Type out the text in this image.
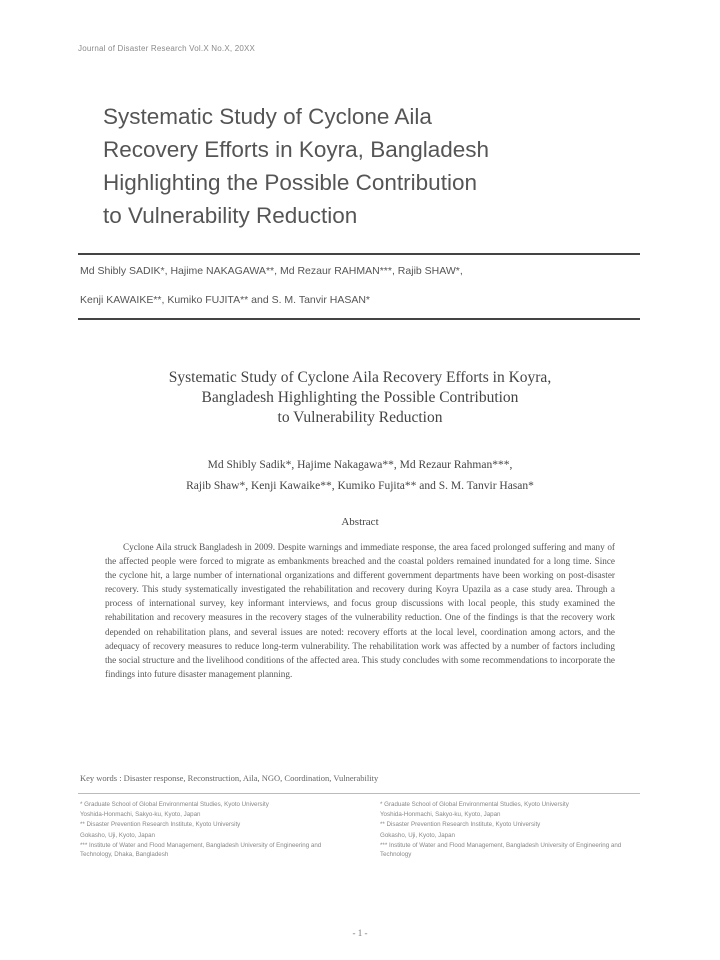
Journal of Disaster Research Vol.X No.X, 20XX
Systematic Study of Cyclone Aila
Recovery Efforts in Koyra, Bangladesh
Highlighting the Possible Contribution
to Vulnerability Reduction
Md Shibly SADIK*, Hajime NAKAGAWA**, Md Rezaur RAHMAN***, Rajib SHAW*,
Kenji KAWAIKE**, Kumiko FUJITA** and S. M. Tanvir HASAN*
Systematic Study of Cyclone Aila Recovery Efforts in Koyra,
Bangladesh Highlighting the Possible Contribution
to Vulnerability Reduction
Md Shibly Sadik*, Hajime Nakagawa**, Md Rezaur Rahman***,
Rajib Shaw*, Kenji Kawaike**, Kumiko Fujita** and S. M. Tanvir Hasan*
Abstract

Cyclone Aila struck Bangladesh in 2009. Despite warnings and immediate response, the area faced prolonged suffering and many of the affected people were forced to migrate as embankments breached and the coastal polders remained inundated for a long time. Since the cyclone hit, a large number of international organizations and different government departments have been working on post-disaster recovery. This study systematically investigated the rehabilitation and recovery during Koyra Upazila as a case study area. Through a process of international survey, key informant interviews, and focus group discussions with local people, this study examined the rehabilitation and recovery measures in the recovery stages of the vulnerability reduction. One of the findings is that the recovery work depended on rehabilitation plans, and several issues are noted: recovery efforts at the local level, coordination among actors, and the adequacy of recovery measures to reduce long-term vulnerability. The rehabilitation work was affected by a number of factors including the social structure and the livelihood conditions of the affected area. This study concludes with some recommendations to incorporate the findings into future disaster management planning.

Key words : Disaster response, Reconstruction, Aila, NGO, Coordination, Vulnerability
* Graduate School of Global Environmental Studies, Kyoto University
Yoshida-Honmachi, Sakyo-ku, Kyoto, Japan
** Disaster Prevention Research Institute, Kyoto University
Gokasho, Uji, Kyoto, Japan
*** Institute of Water and Flood Management, Bangladesh University of Engineering and Technology, Dhaka, Bangladesh
* Graduate School of Global Environmental Studies, Kyoto University
Yoshida-Honmachi, Sakyo-ku, Kyoto, Japan
** Disaster Prevention Research Institute, Kyoto University
Gokasho, Uji, Kyoto, Japan
*** Institute of Water and Flood Management, Bangladesh University of Engineering and Technology
- 1 -
